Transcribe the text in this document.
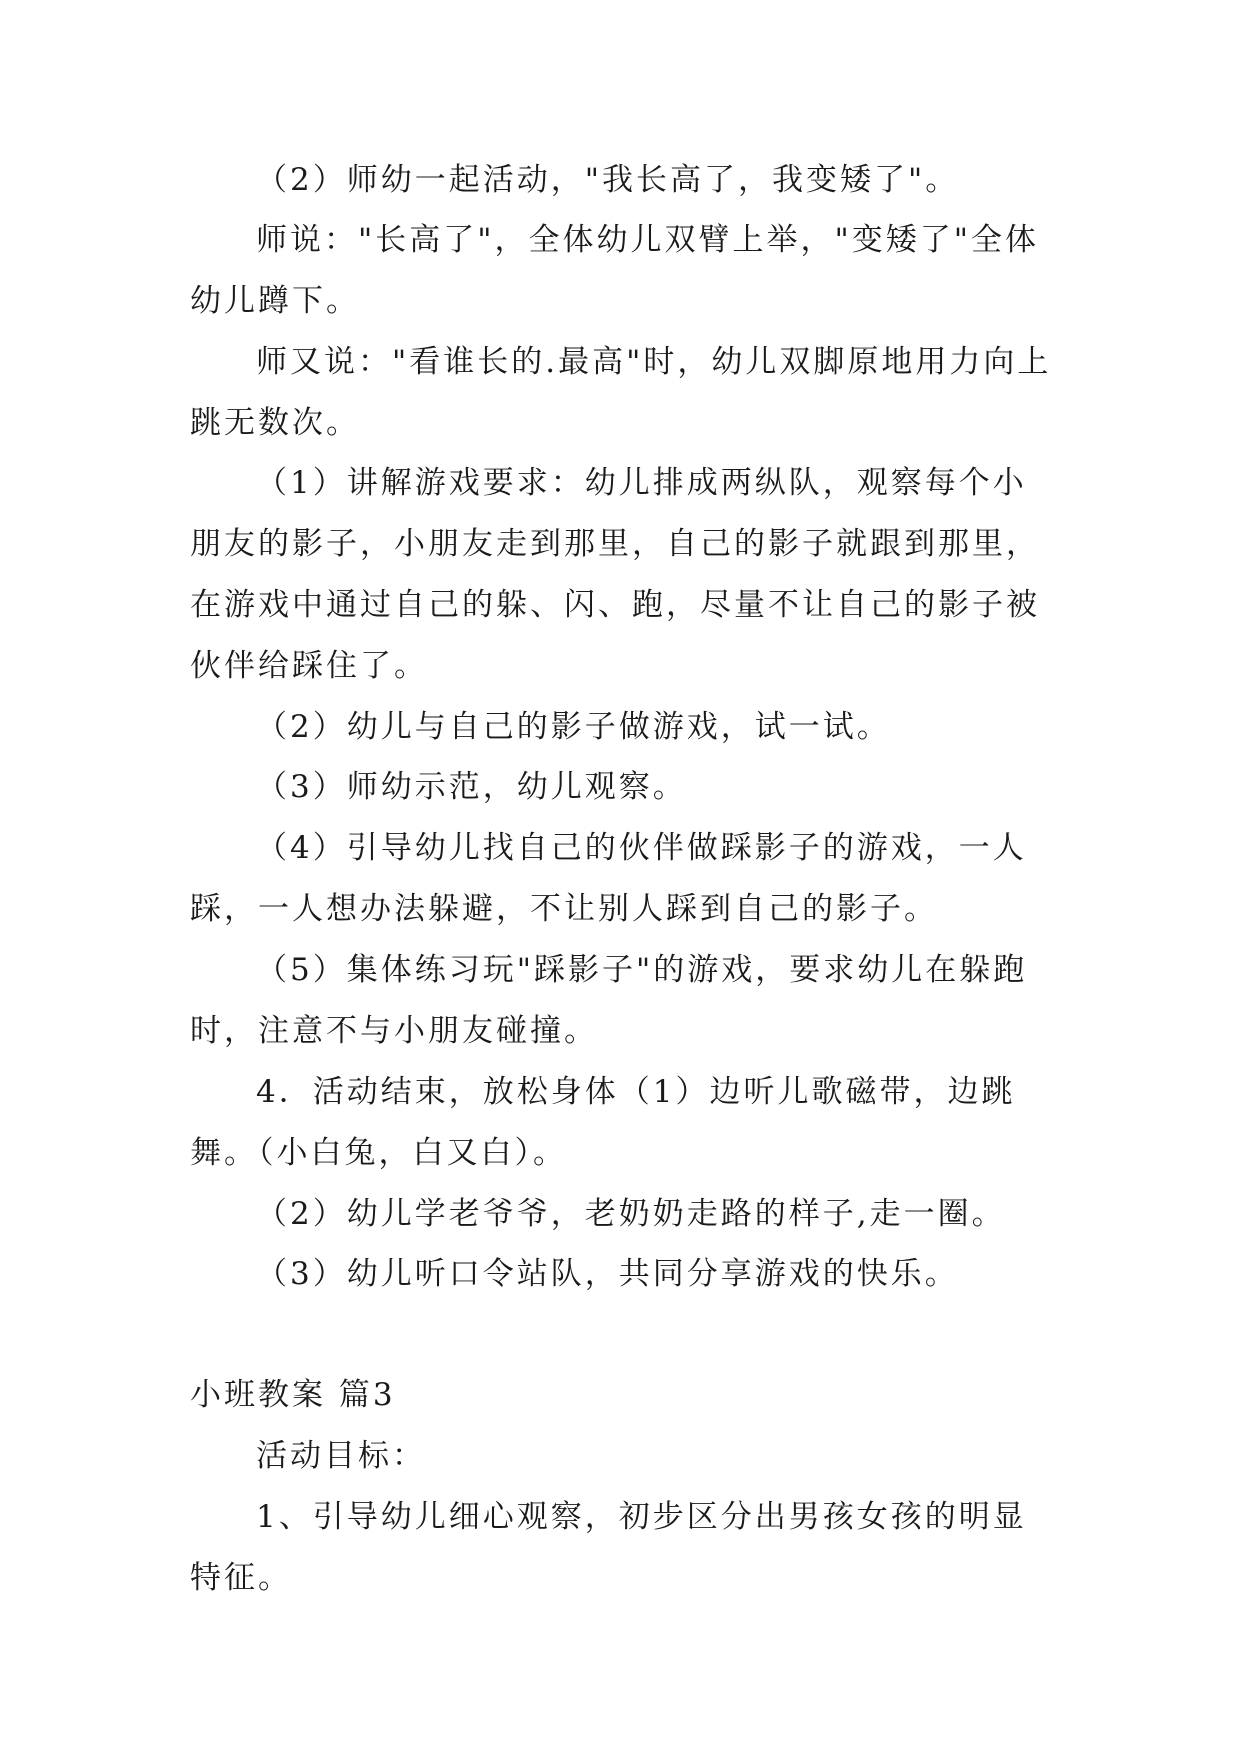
（2）师幼一起活动，"我长高了，我变矮了"。

师说："长高了"，全体幼儿双臂上举，"变矮了"全体幼儿蹲下。

师又说："看谁长的.最高"时，幼儿双脚原地用力向上跳无数次。

（1）讲解游戏要求：幼儿排成两纵队，观察每个小朋友的影子，小朋友走到那里，自己的影子就跟到那里，在游戏中通过自己的躲、闪、跑，尽量不让自己的影子被伙伴给踩住了。

（2）幼儿与自己的影子做游戏，试一试。

（3）师幼示范，幼儿观察。

（4）引导幼儿找自己的伙伴做踩影子的游戏，一人踩，一人想办法躲避，不让别人踩到自己的影子。

（5）集体练习玩"踩影子"的游戏，要求幼儿在躲跑时，注意不与小朋友碰撞。

4．活动结束，放松身体（1）边听儿歌磁带，边跳舞。（小白兔，白又白）。

（2）幼儿学老爷爷，老奶奶走路的样子,走一圈。

（3）幼儿听口令站队，共同分享游戏的快乐。

小班教案 篇3

活动目标：

1、引导幼儿细心观察，初步区分出男孩女孩的明显特征。
